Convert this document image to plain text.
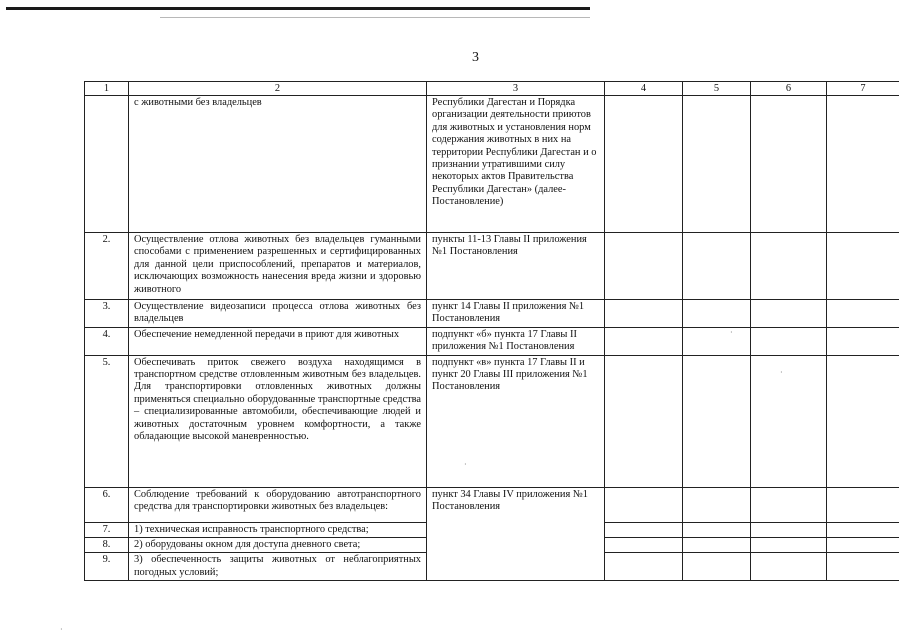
3
1	2	3	4	5	6	7
	с животными без владельцев	Республики Дагестан и Порядка организации деятельности приютов для животных и установления норм содержания животных в них на территории Республики Дагестан и о признании утратившими силу некоторых актов Правительства Республики Дагестан» (далее-Постановление)				
2.	Осуществление отлова животных без владельцев гуманными способами с применением разрешенных и сертифицированных для данной цели приспособлений, препаратов и материалов, исключающих возможность нанесения вреда жизни и здоровью животного	пункты 11-13 Главы II приложения №1 Постановления				
3.	Осуществление видеозаписи процесса отлова животных без владельцев	пункт 14 Главы II приложения №1 Постановления				
4.	Обеспечение немедленной передачи в приют для животных	подпункт «б» пункта 17 Главы II приложения №1 Постановления				
5.	Обеспечивать приток свежего воздуха находящимся в транспортном средстве отловленным животным без владельцев. Для транспортировки отловленных животных должны применяться специально оборудованные транспортные средства – специализированные автомобили, обеспечивающие людей и животных достаточным уровнем комфортности, а также обладающие высокой маневренностью.	подпункт «в» пункта 17 Главы II и пункт 20 Главы III приложения №1 Постановления				
6.	Соблюдение требований к оборудованию автотранспортного средства для транспортировки животных без владельцев:	пункт 34 Главы IV приложения №1 Постановления				
7.	1) техническая исправность транспортного средства;					
8.	2) оборудованы окном для доступа дневного света;					
9.	3) обеспеченность защиты животных от неблагоприятных погодных условий;					
·
·
·
·
